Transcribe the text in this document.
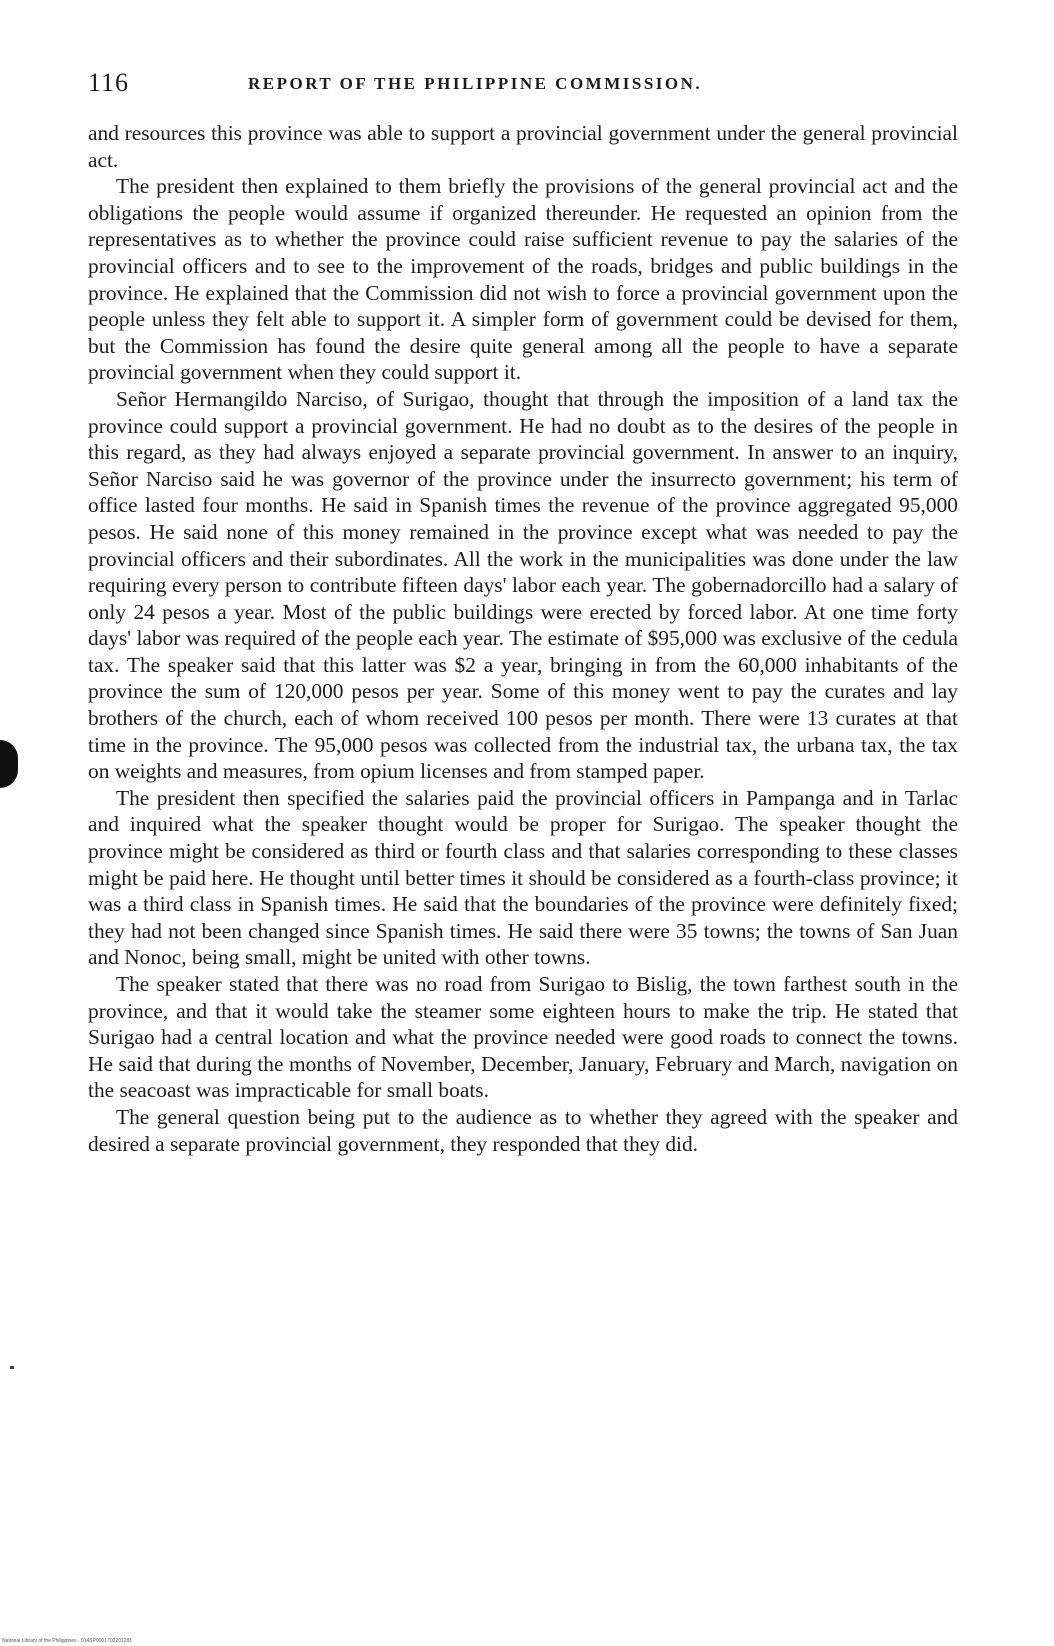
116	REPORT OF THE PHILIPPINE COMMISSION.

and resources this province was able to support a provincial government under the general provincial act.

The president then explained to them briefly the provisions of the general provincial act and the obligations the people would assume if organized thereunder. He requested an opinion from the representatives as to whether the province could raise sufficient revenue to pay the salaries of the provincial officers and to see to the improvement of the roads, bridges and public buildings in the province. He explained that the Commission did not wish to force a provincial government upon the people unless they felt able to support it. A simpler form of government could be devised for them, but the Commission has found the desire quite general among all the people to have a separate provincial government when they could support it.

Señor Hermangildo Narciso, of Surigao, thought that through the imposition of a land tax the province could support a provincial government. He had no doubt as to the desires of the people in this regard, as they had always enjoyed a separate provincial government. In answer to an inquiry, Señor Narciso said he was governor of the province under the insurrecto government; his term of office lasted four months. He said in Spanish times the revenue of the province aggregated 95,000 pesos. He said none of this money remained in the province except what was needed to pay the provincial officers and their subordinates. All the work in the municipalities was done under the law requiring every person to contribute fifteen days' labor each year. The gobernadorcillo had a salary of only 24 pesos a year. Most of the public buildings were erected by forced labor. At one time forty days' labor was required of the people each year. The estimate of $95,000 was exclusive of the cedula tax. The speaker said that this latter was $2 a year, bringing in from the 60,000 inhabitants of the province the sum of 120,000 pesos per year. Some of this money went to pay the curates and lay brothers of the church, each of whom received 100 pesos per month. There were 13 curates at that time in the province. The 95,000 pesos was collected from the industrial tax, the urbana tax, the tax on weights and measures, from opium licenses and from stamped paper.

The president then specified the salaries paid the provincial officers in Pampanga and in Tarlac and inquired what the speaker thought would be proper for Surigao. The speaker thought the province might be considered as third or fourth class and that salaries corresponding to these classes might be paid here. He thought until better times it should be considered as a fourth-class province; it was a third class in Spanish times. He said that the boundaries of the province were definitely fixed; they had not been changed since Spanish times. He said there were 35 towns; the towns of San Juan and Nonoc, being small, might be united with other towns.

The speaker stated that there was no road from Surigao to Bislig, the town farthest south in the province, and that it would take the steamer some eighteen hours to make the trip. He stated that Surigao had a central location and what the province needed were good roads to connect the towns. He said that during the months of November, December, January, February and March, navigation on the seacoast was impracticable for small boats.

The general question being put to the audience as to whether they agreed with the speaker and desired a separate provincial government, they responded that they did.

National Library of the Philippines · 014SP0001702201281
